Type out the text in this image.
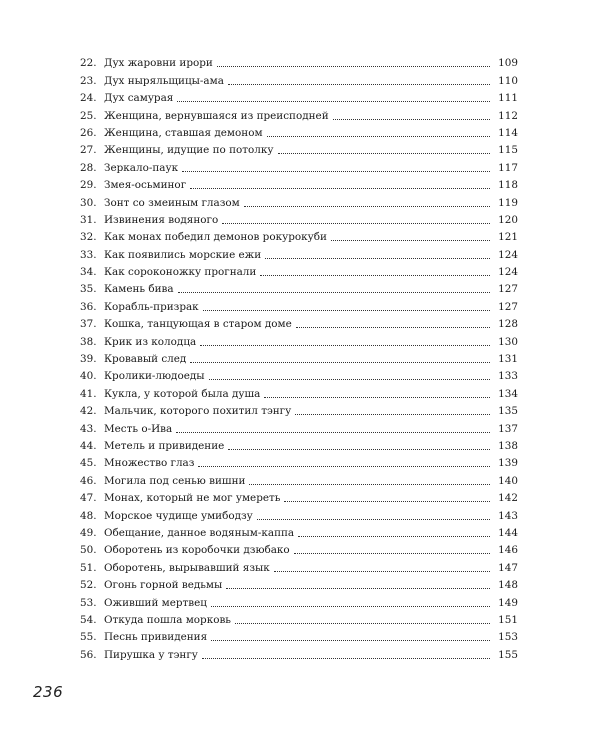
22. Дух жаровни ирори	109
23. Дух ныряльщицы-ама	110
24. Дух самурая	111
25. Женщина, вернувшаяся из преисподней	112
26. Женщина, ставшая демоном	114
27. Женщины, идущие по потолку	115
28. Зеркало-паук	117
29. Змея-осьминог	118
30. Зонт со змеиным глазом	119
31. Извинения водяного	120
32. Как монах победил демонов рокурокуби	121
33. Как появились морские ежи	124
34. Как сороконожку прогнали	124
35. Камень бива	127
36. Корабль-призрак	127
37. Кошка, танцующая в старом доме	128
38. Крик из колодца	130
39. Кровавый след	131
40. Кролики-людоеды	133
41. Кукла, у которой была душа	134
42. Мальчик, которого похитил тэнгу	135
43. Месть о-Ива	137
44. Метель и привидение	138
45. Множество глаз	139
46. Могила под сенью вишни	140
47. Монах, который не мог умереть	142
48. Морское чудище умибодзу	143
49. Обещание, данное водяным-каппа	144
50. Оборотень из коробочки дзюбако	146
51. Оборотень, вырывавший язык	147
52. Огонь горной ведьмы	148
53. Оживший мертвец	149
54. Откуда пошла морковь	151
55. Песнь привидения	153
56. Пирушка у тэнгу	155
236
